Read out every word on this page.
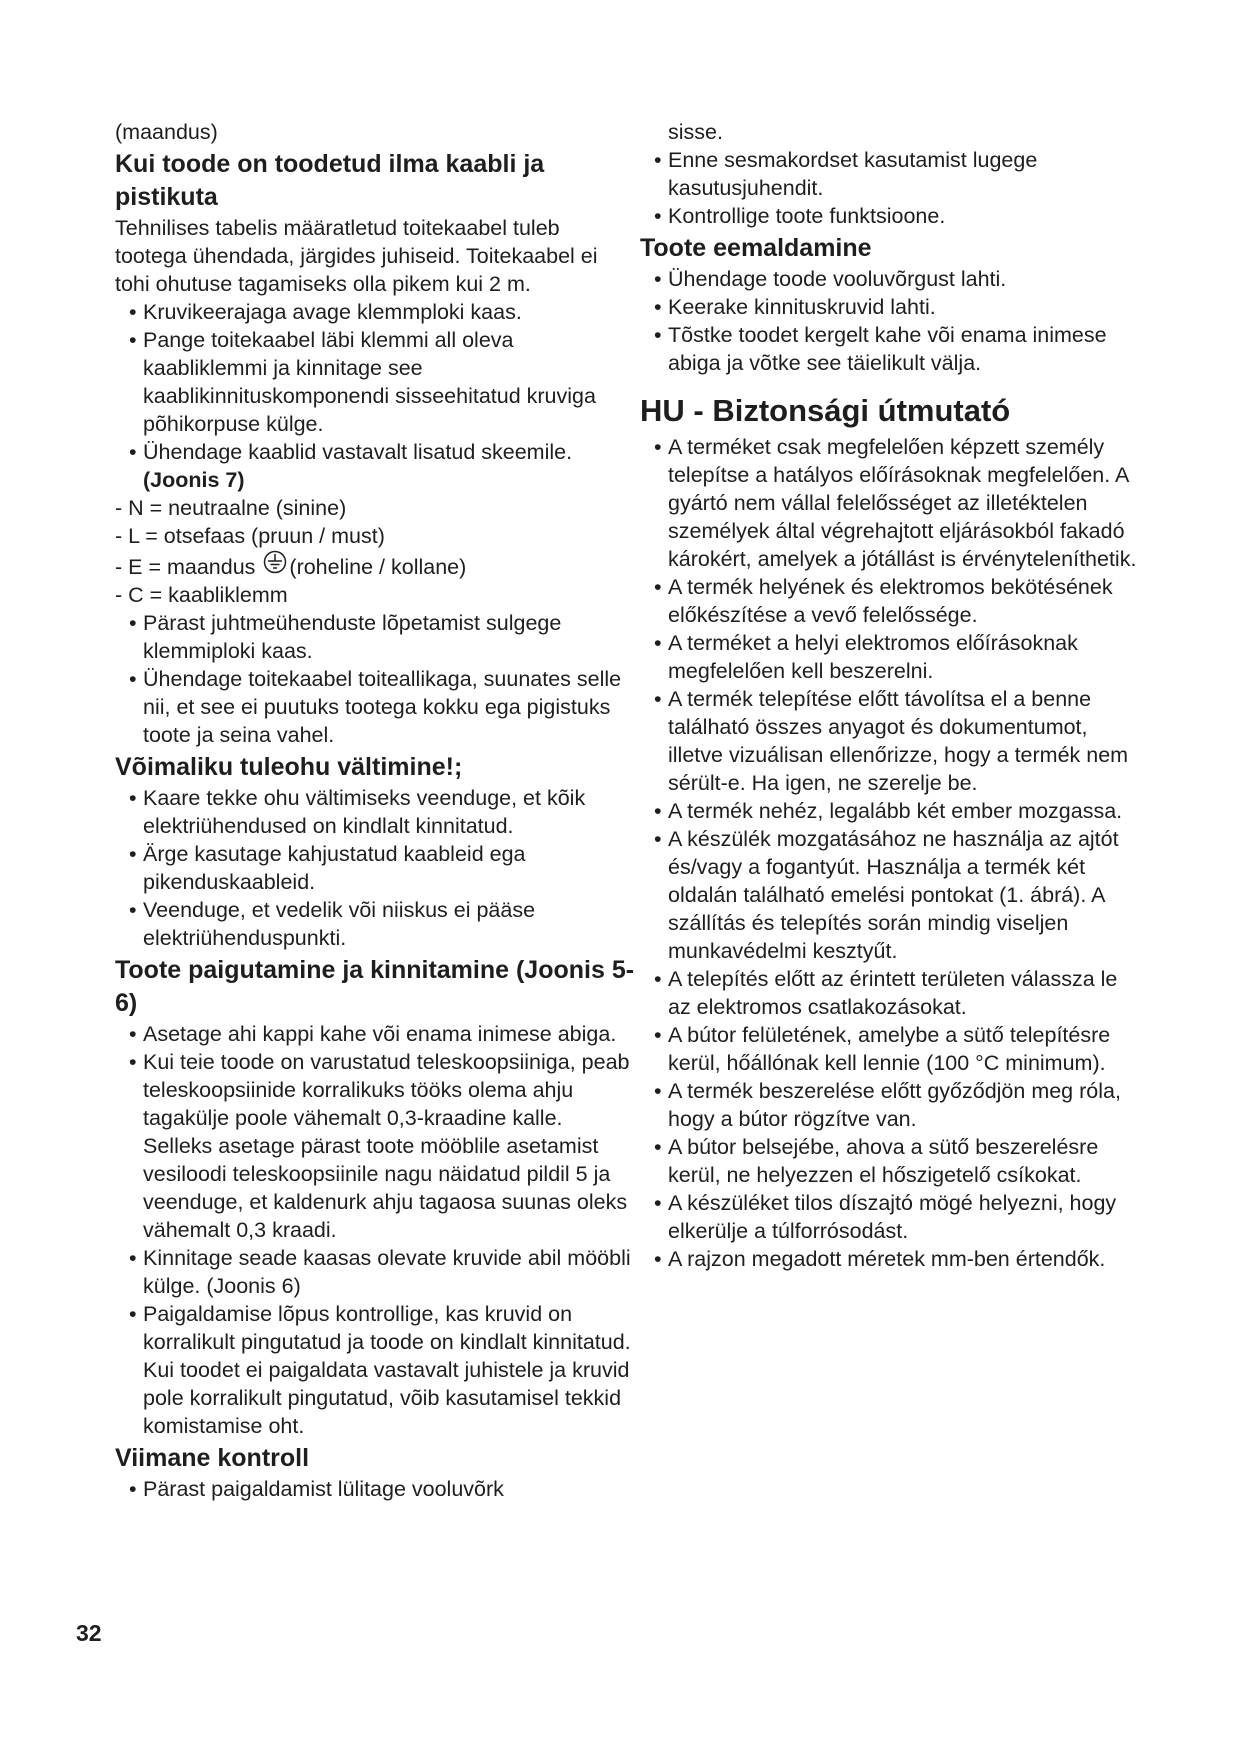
(maandus)

Kui toode on toodetud ilma kaabli ja pistikuta

Tehnilises tabelis määratletud toitekaabel tuleb tootega ühendada, järgides juhiseid. Toitekaabel ei tohi ohutuse tagamiseks olla pikem kui 2 m.

• Kruvikeerajaga avage klemmploki kaas.
• Pange toitekaabel läbi klemmi all oleva kaabliklemmi ja kinnitage see kaablikinnituskomponendi sisseehitatud kruviga põhikorpuse külge.
• Ühendage kaablid vastavalt lisatud skeemile. (Joonis 7)
- N = neutraalne (sinine)
- L = otsefaas (pruun / must)
- E = maandus (roheline / kollane)
- C = kaabliklemm
• Pärast juhtmeühenduste lõpetamist sulgege klemmiploki kaas.
• Ühendage toitekaabel toiteallikaga, suunates selle nii, et see ei puutuks tootega kokku ega pigistuks toote ja seina vahel.

Võimaliku tuleohu vältimine!;

• Kaare tekke ohu vältimiseks veenduge, et kõik elektriühendused on kindlalt kinnitatud.
• Ärge kasutage kahjustatud kaableid ega pikenduskaableid.
• Veenduge, et vedelik või niiskus ei pääse elektriühenduspunkti.

Toote paigutamine ja kinnitamine (Joonis 5-6)

• Asetage ahi kappi kahe või enama inimese abiga.
• Kui teie toode on varustatud teleskoopsiiniga, peab teleskoopsiinide korralikuks tööks olema ahju tagakülje poole vähemalt 0,3-kraadine kalle. Selleks asetage pärast toote mööblile asetamist vesiloodi teleskoopsiinile nagu näidatud pildil 5 ja veenduge, et kaldenurk ahju tagaosa suunas oleks vähemalt 0,3 kraadi.
• Kinnitage seade kaasas olevate kruvide abil mööbli külge. (Joonis 6)
• Paigaldamise lõpus kontrollige, kas kruvid on korralikult pingutatud ja toode on kindlalt kinnitatud. Kui toodet ei paigaldata vastavalt juhistele ja kruvid pole korralikult pingutatud, võib kasutamisel tekkid komistamise oht.

Viimane kontroll

• Pärast paigaldamist lülitage vooluvõrk

sisse.

• Enne sesmakordset kasutamist lugege kasutusjuhendit.
• Kontrollige toote funktsioone.

Toote eemaldamine

• Ühendage toode vooluvõrgust lahti.
• Keerake kinnituskruvid lahti.
• Tõstke toodet kergelt kahe või enama inimese abiga ja võtke see täielikult välja.

HU - Biztonsági útmutató

• A terméket csak megfelelően képzett személy telepítse a hatályos előírásoknak megfelelően. A gyártó nem vállal felelősséget az illetéktelen személyek által végrehajtott eljárásokból fakadó károkért, amelyek a jótállást is érvényteleníthetik.
• A termék helyének és elektromos bekötésének előkészítése a vevő felelőssége.
• A terméket a helyi elektromos előírásoknak megfelelően kell beszerelni.
• A termék telepítése előtt távolítsa el a benne található összes anyagot és dokumentumot, illetve vizuálisan ellenőrizze, hogy a termék nem sérült-e. Ha igen, ne szerelje be.
• A termék nehéz, legalább két ember mozgassa.
• A készülék mozgatásához ne használja az ajtót és/vagy a fogantyút. Használja a termék két oldalán található emelési pontokat (1. ábrá). A szállítás és telepítés során mindig viseljen munkavédelmi kesztyűt.
• A telepítés előtt az érintett területen válassza le az elektromos csatlakozásokat.
• A bútor felületének, amelybe a sütő telepítésre kerül, hőállónak kell lennie (100 °C minimum).
• A termék beszerelése előtt győződjön meg róla, hogy a bútor rögzítve van.
• A bútor belsejébe, ahova a sütő beszerelésre kerül, ne helyezzen el hőszigetelő csíkokat.
• A készüléket tilos díszajtó mögé helyezni, hogy elkerülje a túlforrósodást.
• A rajzon megadott méretek mm-ben értendők.
32
